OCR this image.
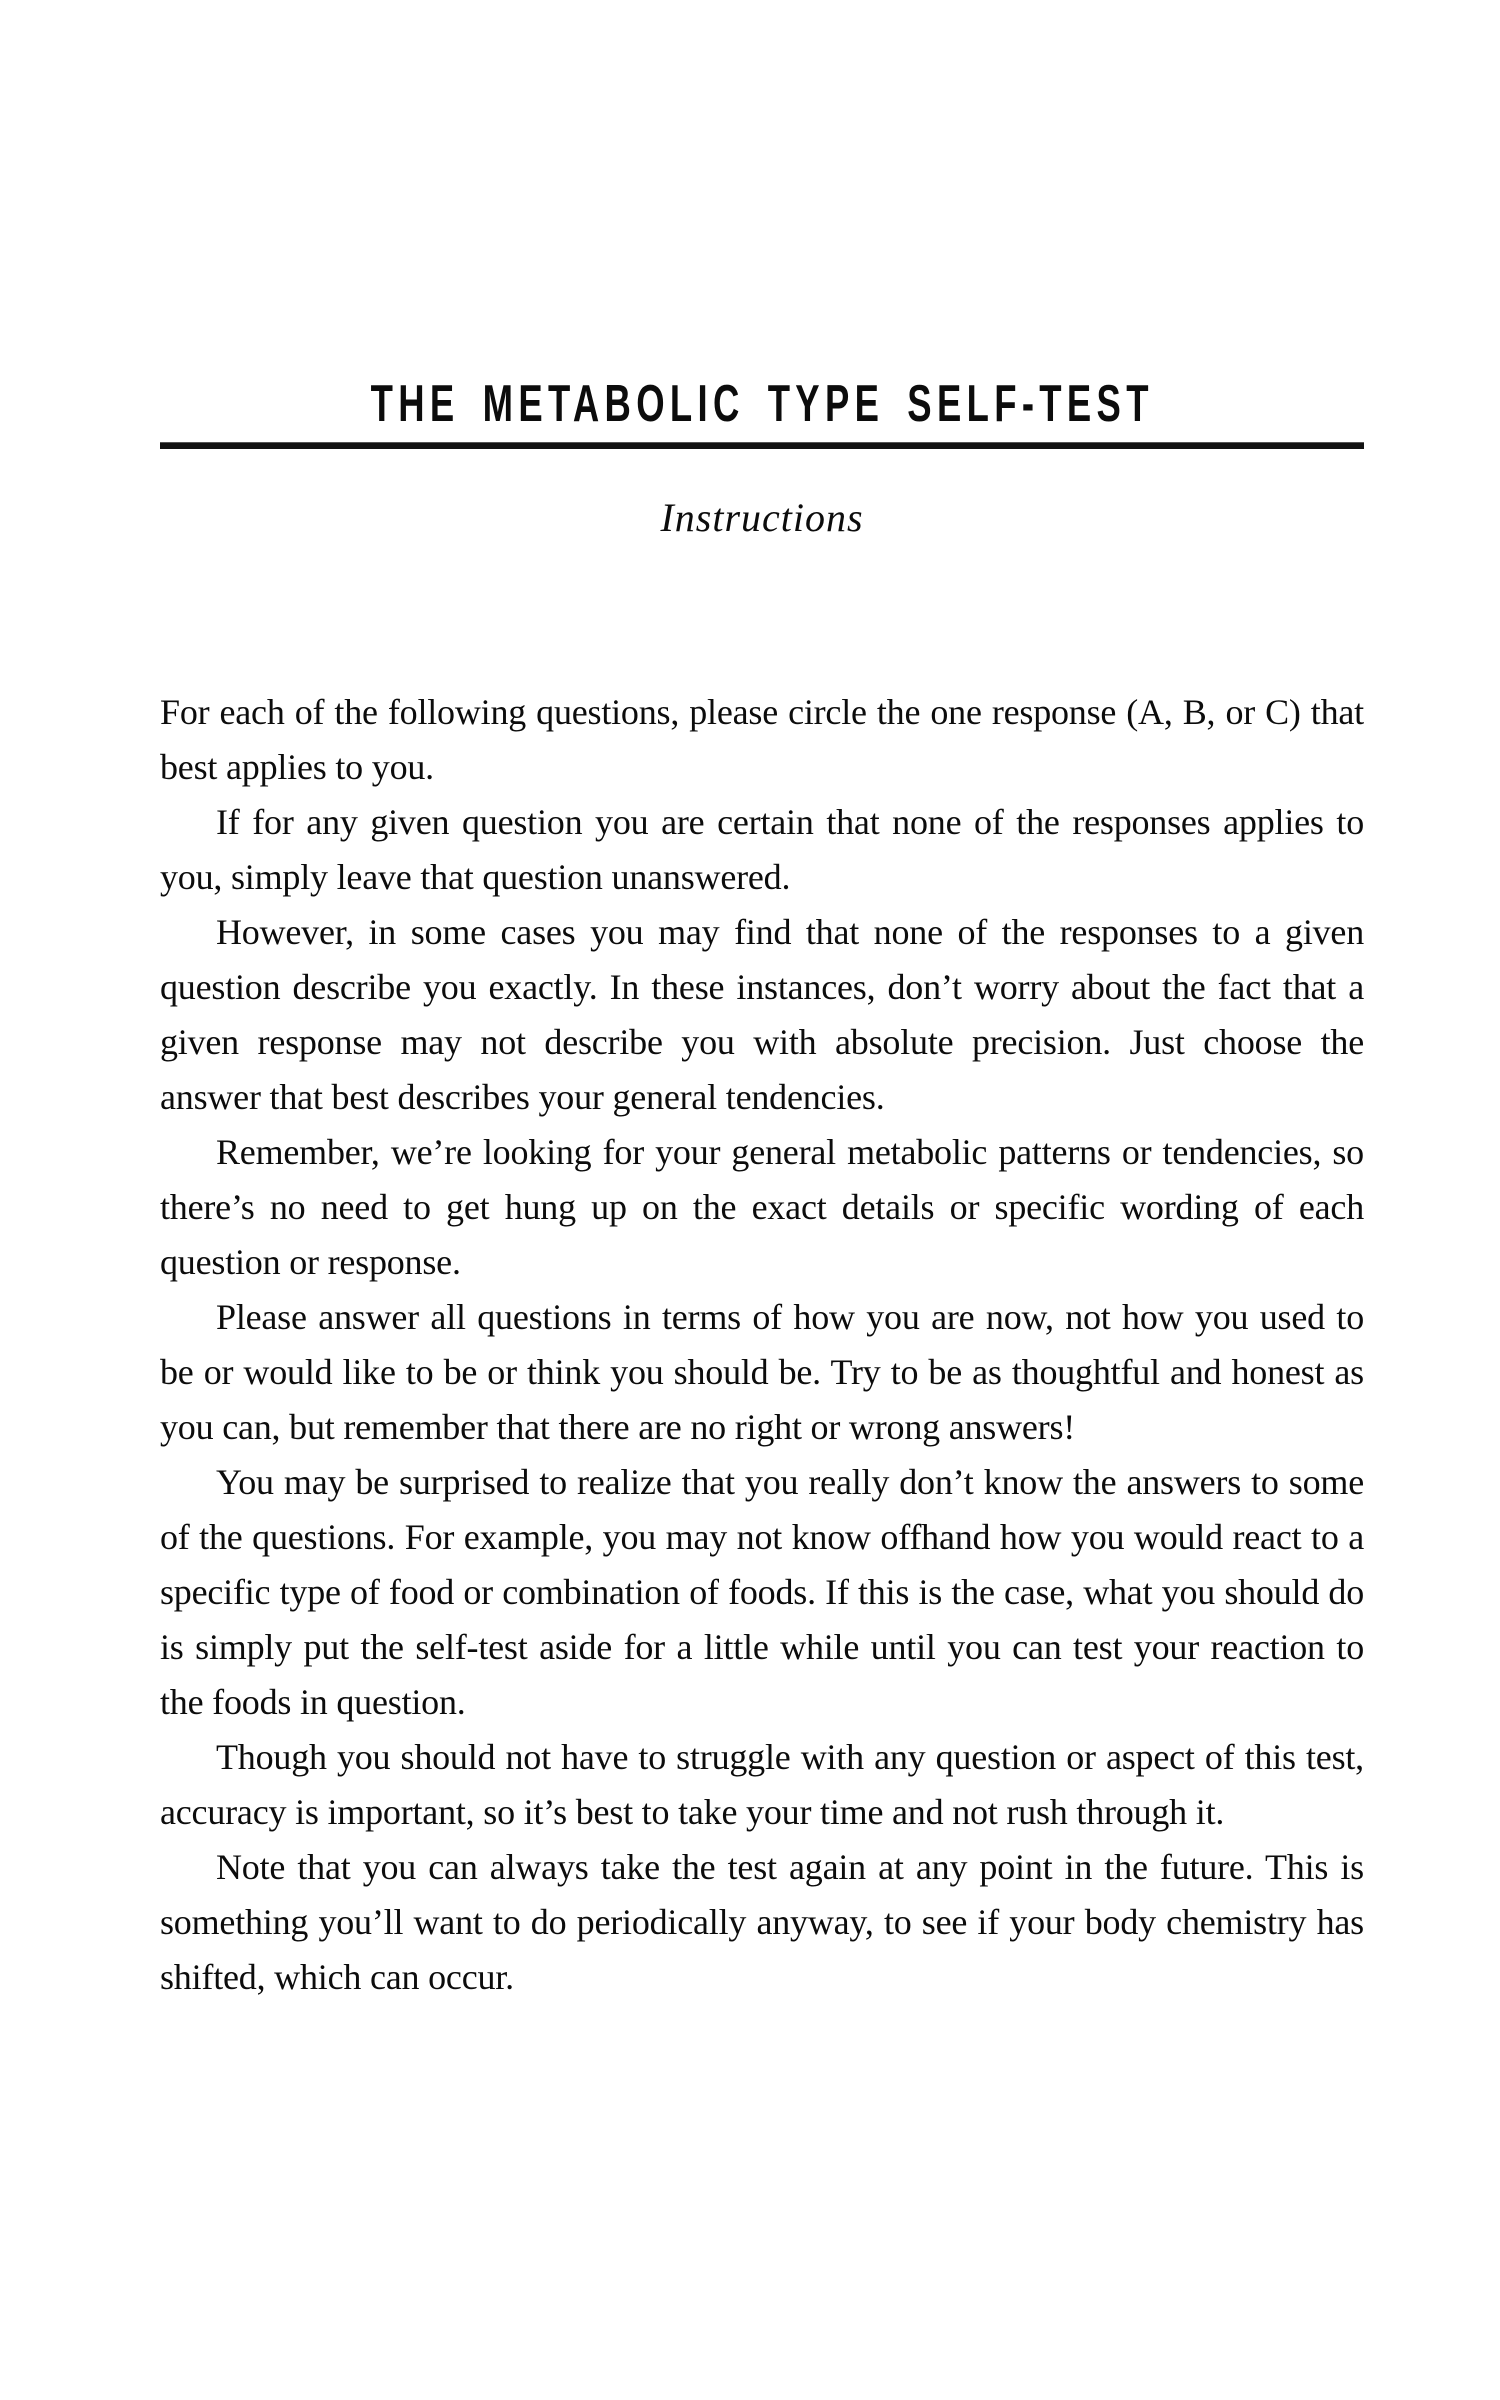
THE METABOLIC TYPE SELF-TEST
Instructions

For each of the following questions, please circle the one response (A, B, or C) that best applies to you.

If for any given question you are certain that none of the responses applies to you, simply leave that question unanswered.

However, in some cases you may find that none of the responses to a given question describe you exactly. In these instances, don’t worry about the fact that a given response may not describe you with absolute precision. Just choose the answer that best describes your general tendencies.

Remember, we’re looking for your general metabolic patterns or tendencies, so there’s no need to get hung up on the exact details or specific wording of each question or response.

Please answer all questions in terms of how you are now, not how you used to be or would like to be or think you should be. Try to be as thoughtful and honest as you can, but remember that there are no right or wrong answers!

You may be surprised to realize that you really don’t know the answers to some of the questions. For example, you may not know offhand how you would react to a specific type of food or combination of foods. If this is the case, what you should do is simply put the self-test aside for a little while until you can test your reaction to the foods in question.

Though you should not have to struggle with any question or aspect of this test, accuracy is important, so it’s best to take your time and not rush through it.

Note that you can always take the test again at any point in the future. This is something you’ll want to do periodically anyway, to see if your body chemistry has shifted, which can occur.
